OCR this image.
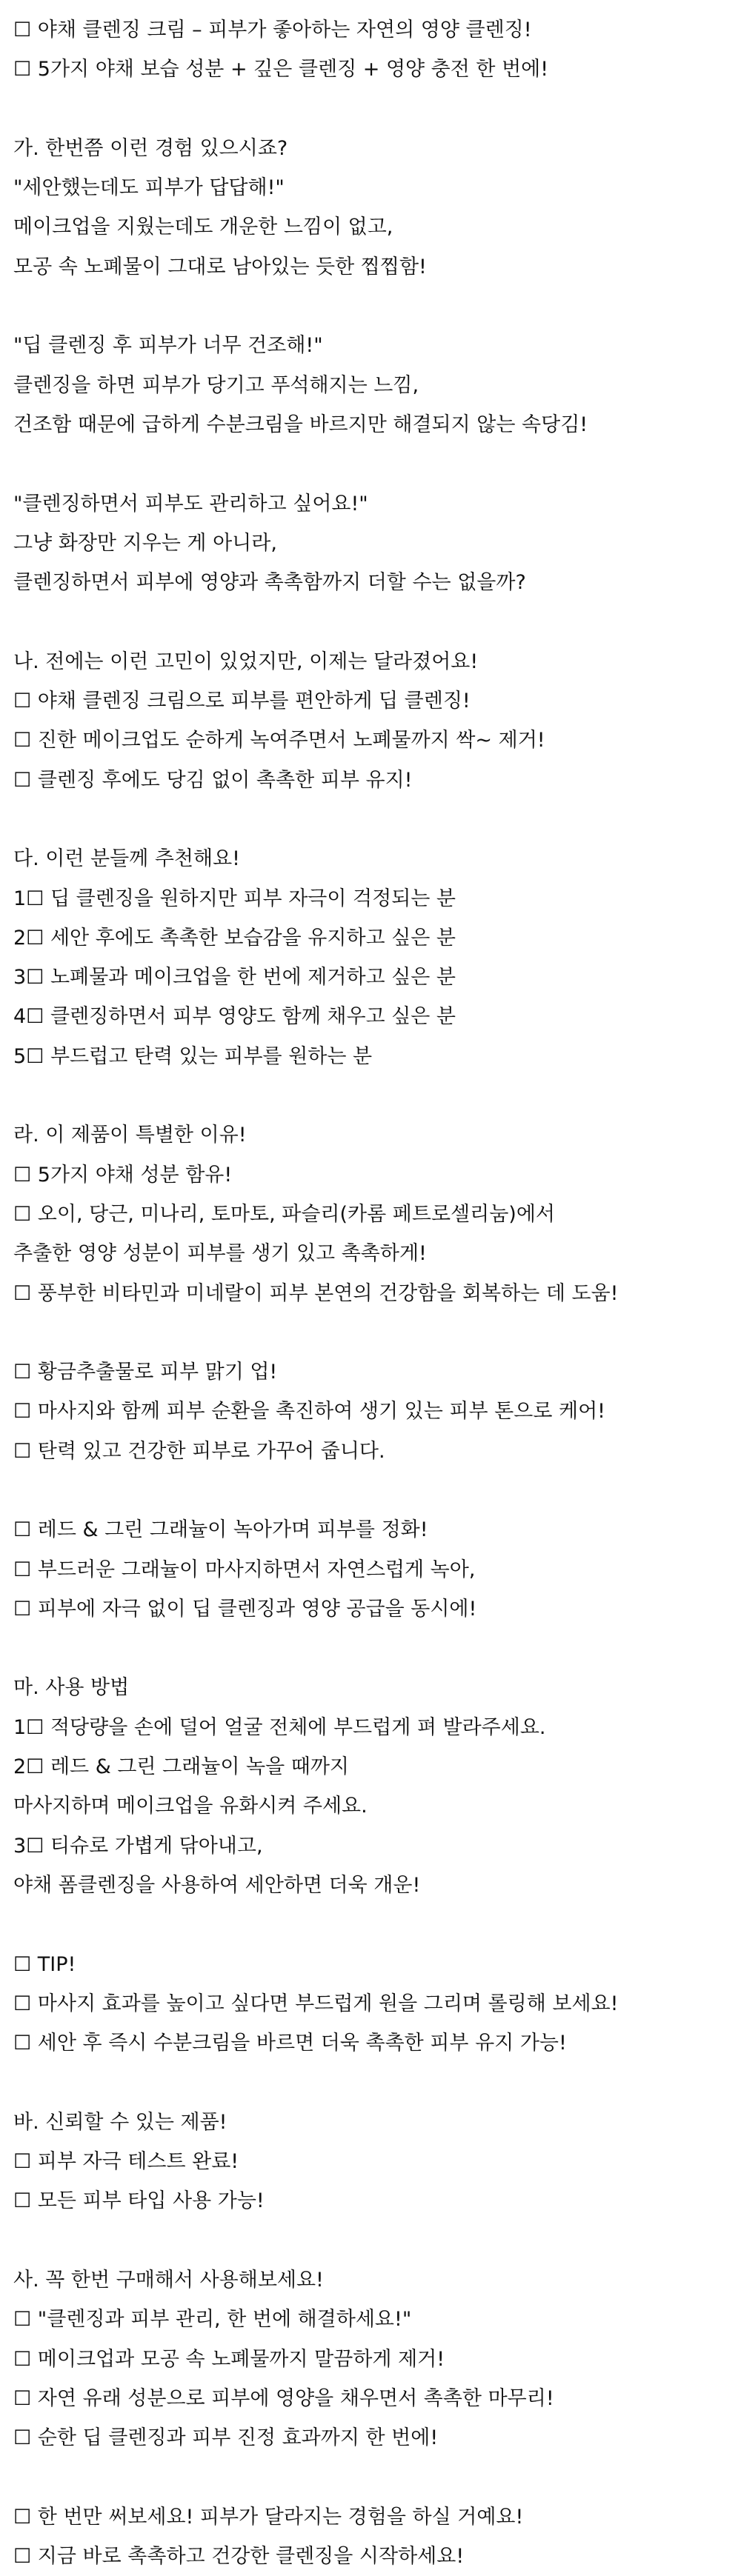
☐ 야채 클렌징 크림 – 피부가 좋아하는 자연의 영양 클렌징!
☐ 5가지 야채 보습 성분 + 깊은 클렌징 + 영양 충전 한 번에!
가. 한번쯤 이런 경험 있으시죠?
"세안했는데도 피부가 답답해!"
메이크업을 지웠는데도 개운한 느낌이 없고,
모공 속 노폐물이 그대로 남아있는 듯한 찝찝함!
"딥 클렌징 후 피부가 너무 건조해!"
클렌징을 하면 피부가 당기고 푸석해지는 느낌,
건조함 때문에 급하게 수분크림을 바르지만 해결되지 않는 속당김!
"클렌징하면서 피부도 관리하고 싶어요!"
그냥 화장만 지우는 게 아니라,
클렌징하면서 피부에 영양과 촉촉함까지 더할 수는 없을까?
나. 전에는 이런 고민이 있었지만, 이제는 달라졌어요!
☐ 야채 클렌징 크림으로 피부를 편안하게 딥 클렌징!
☐ 진한 메이크업도 순하게 녹여주면서 노폐물까지 싹~ 제거!
☐ 클렌징 후에도 당김 없이 촉촉한 피부 유지!
다. 이런 분들께 추천해요!
1☐ 딥 클렌징을 원하지만 피부 자극이 걱정되는 분
2☐ 세안 후에도 촉촉한 보습감을 유지하고 싶은 분
3☐ 노폐물과 메이크업을 한 번에 제거하고 싶은 분
4☐ 클렌징하면서 피부 영양도 함께 채우고 싶은 분
5☐ 부드럽고 탄력 있는 피부를 원하는 분
라. 이 제품이 특별한 이유!
☐ 5가지 야채 성분 함유!
☐ 오이, 당근, 미나리, 토마토, 파슬리(카롬 페트로셀리눔)에서
추출한 영양 성분이 피부를 생기 있고 촉촉하게!
☐ 풍부한 비타민과 미네랄이 피부 본연의 건강함을 회복하는 데 도움!
☐ 황금추출물로 피부 맑기 업!
☐ 마사지와 함께 피부 순환을 촉진하여 생기 있는 피부 톤으로 케어!
☐ 탄력 있고 건강한 피부로 가꾸어 줍니다.
☐ 레드 & 그린 그래뉼이 녹아가며 피부를 정화!
☐ 부드러운 그래뉼이 마사지하면서 자연스럽게 녹아,
☐ 피부에 자극 없이 딥 클렌징과 영양 공급을 동시에!
마. 사용 방법
1☐ 적당량을 손에 덜어 얼굴 전체에 부드럽게 펴 발라주세요.
2☐ 레드 & 그린 그래뉼이 녹을 때까지
마사지하며 메이크업을 유화시켜 주세요.
3☐ 티슈로 가볍게 닦아내고,
야채 폼클렌징을 사용하여 세안하면 더욱 개운!
☐ TIP!
☐ 마사지 효과를 높이고 싶다면 부드럽게 원을 그리며 롤링해 보세요!
☐ 세안 후 즉시 수분크림을 바르면 더욱 촉촉한 피부 유지 가능!
바. 신뢰할 수 있는 제품!
☐ 피부 자극 테스트 완료!
☐ 모든 피부 타입 사용 가능!
사. 꼭 한번 구매해서 사용해보세요!
☐ "클렌징과 피부 관리, 한 번에 해결하세요!"
☐ 메이크업과 모공 속 노폐물까지 말끔하게 제거!
☐ 자연 유래 성분으로 피부에 영양을 채우면서 촉촉한 마무리!
☐ 순한 딥 클렌징과 피부 진정 효과까지 한 번에!
☐ 한 번만 써보세요! 피부가 달라지는 경험을 하실 거예요!
☐ 지금 바로 촉촉하고 건강한 클렌징을 시작하세요!
